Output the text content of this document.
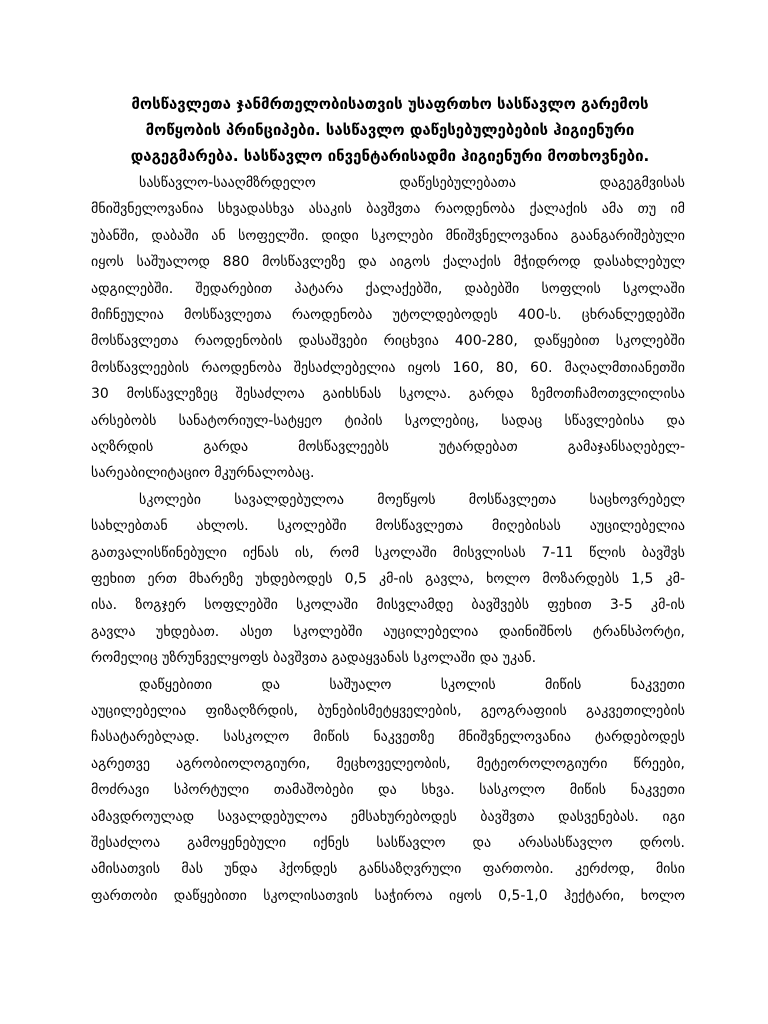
მოსწავლეთა ჯანმრთელობისათვის უსაფრთხო სასწავლო გარემოს
მოწყობის პრინციპები. სასწავლო დაწესებულებების ჰიგიენური
დაგეგმარება. სასწავლო ინვენტარისადმი ჰიგიენური მოთხოვნები.
სასწავლო-სააღმზრდელო დაწესებულებათა დაგეგმვისას
მნიშვნელოვანია სხვადასხვა ასაკის ბავშვთა რაოდენობა ქალაქის ამა თუ იმ
უბანში, დაბაში ან სოფელში. დიდი სკოლები მნიშვნელოვანია გაანგარიშებული
იყოს საშუალოდ 880 მოსწავლეზე და აიგოს ქალაქის მჭიდროდ დასახლებულ
ადგილებში. შედარებით პატარა ქალაქებში, დაბებში სოფლის სკოლაში
მიჩნეულია მოსწავლეთა რაოდენობა უტოლდებოდეს 400-ს. ცხრანლედებში
მოსწავლეთა რაოდენობის დასაშვები რიცხვია 400-280, დაწყებით სკოლებში
მოსწავლეების რაოდენობა შესაძლებელია იყოს 160, 80, 60. მაღალმთიანეთში
30 მოსწავლეზეც შესაძლოა გაიხსნას სკოლა. გარდა ზემოთჩამოთვლილისა
არსებობს სანატორიულ-სატყეო ტიპის სკოლებიც, სადაც სწავლებისა და
აღზრდის გარდა მოსწავლეებს უტარდებათ გამაჯანსაღებელ-
სარეაბილიტაციო მკურნალობაც.
სკოლები სავალდებულოა მოეწყოს მოსწავლეთა საცხოვრებელ
სახლებთან ახლოს. სკოლებში მოსწავლეთა მიღებისას აუცილებელია
გათვალისწინებული იქნას ის, რომ სკოლაში მისვლისას 7-11 წლის ბავშვს
ფეხით ერთ მხარეზე უხდებოდეს 0,5 კმ-ის გავლა, ხოლო მოზარდებს 1,5 კმ-
ისა. ზოგჯერ სოფლებში სკოლაში მისვლამდე ბავშვებს ფეხით 3-5 კმ-ის
გავლა უხდებათ. ასეთ სკოლებში აუცილებელია დაინიშნოს ტრანსპორტი,
რომელიც უზრუნველყოფს ბავშვთა გადაყვანას სკოლაში და უკან.
დაწყებითი და საშუალო სკოლის მიწის ნაკვეთი
აუცილებელია ფიზაღზრდის, ბუნებისმეტყველების, გეოგრაფიის გაკვეთილების
ჩასატარებლად. სასკოლო მიწის ნაკვეთზე მნიშვნელოვანია ტარდებოდეს
აგრეთვე აგრობიოლოგიური, მეცხოველეობის, მეტეოროლოგიური წრეები,
მოძრავი სპორტული თამაშობები და სხვა. სასკოლო მიწის ნაკვეთი
ამავდროულად სავალდებულოა ემსახურებოდეს ბავშვთა დასვენებას. იგი
შესაძლოა გამოყენებული იქნეს სასწავლო და არასასწავლო დროს.
ამისათვის მას უნდა ჰქონდეს განსაზღვრული ფართობი. კერძოდ, მისი
ფართობი დაწყებითი სკოლისათვის საჭიროა იყოს 0,5-1,0 ჰექტარი, ხოლო
